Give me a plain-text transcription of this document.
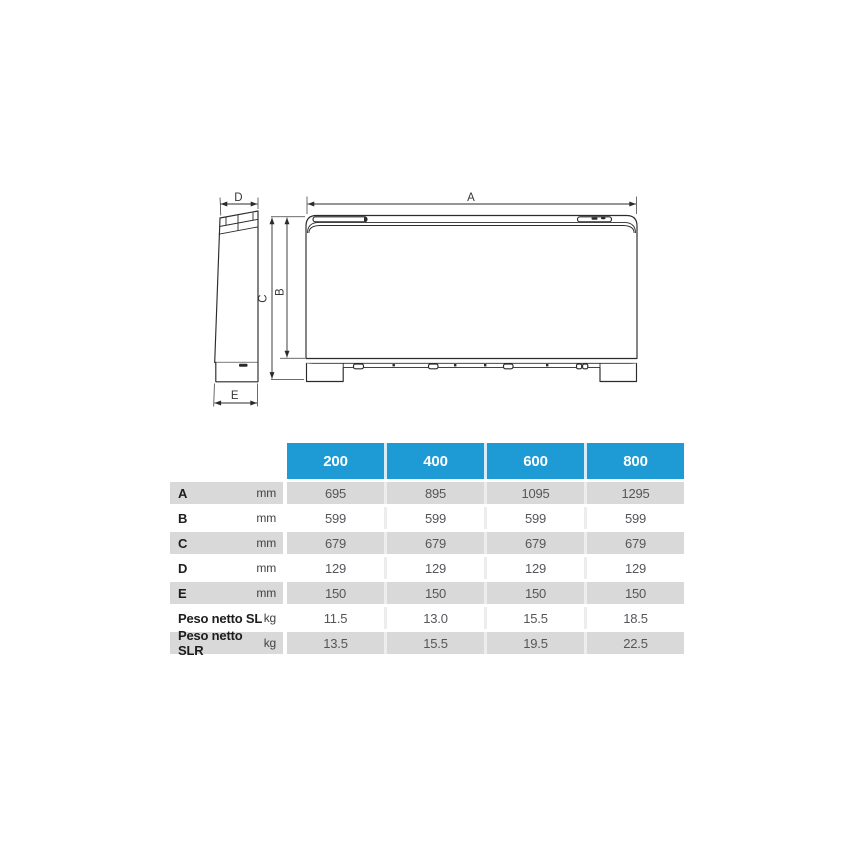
D
E
A
C
B
200	400	600	800
A	mm	695	895	1095	1295
B	mm	599	599	599	599
C	mm	679	679	679	679
D	mm	129	129	129	129
E	mm	150	150	150	150
Peso netto SL kg	11.5	13.0	15.5	18.5
Peso netto SLR	kg	13.5	15.5	19.5	22.5
